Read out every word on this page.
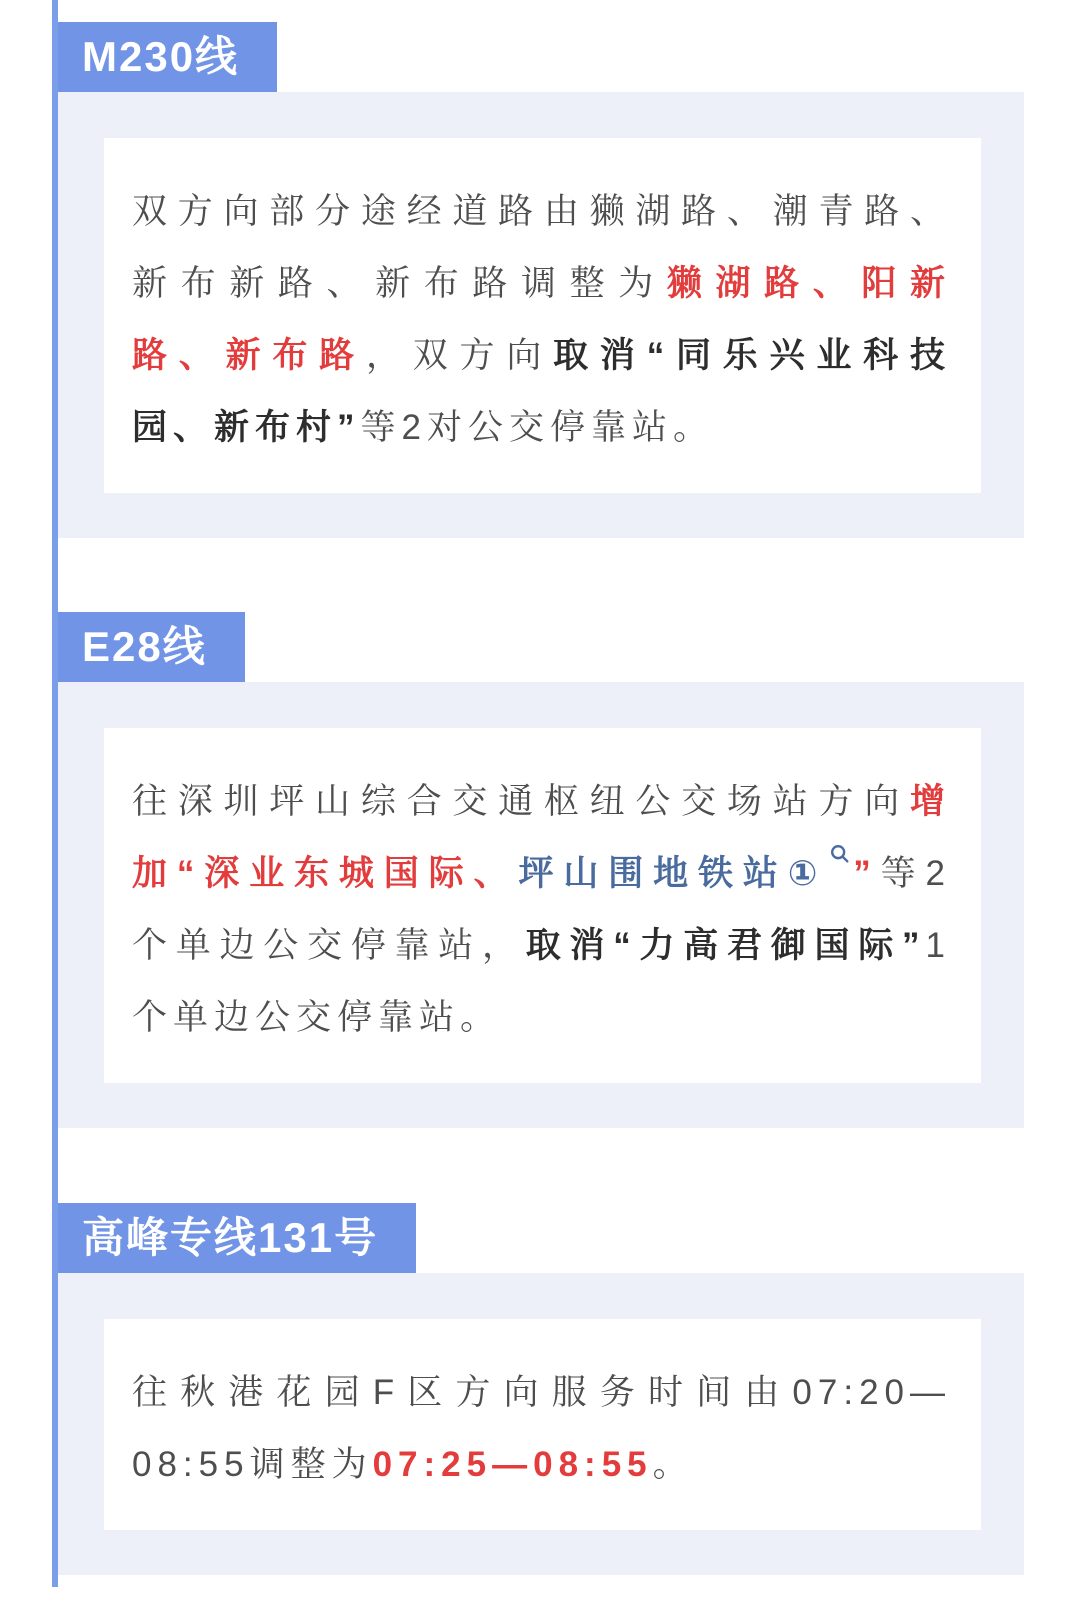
M230线
双方向部分途经道路由獭湖路、潮青路、
新布新路、新布路调整为獭湖路、阳新
路、新布路，双方向取消“同乐兴业科技
园、新布村”等2对公交停靠站。
E28线
往深圳坪山综合交通枢纽公交场站方向增
加“深业东城国际、坪山围地铁站① ”等2
个单边公交停靠站，取消“力高君御国际”1
个单边公交停靠站。
高峰专线131号
往秋港花园F区方向服务时间由07:20—
08:55调整为07:25—08:55。
